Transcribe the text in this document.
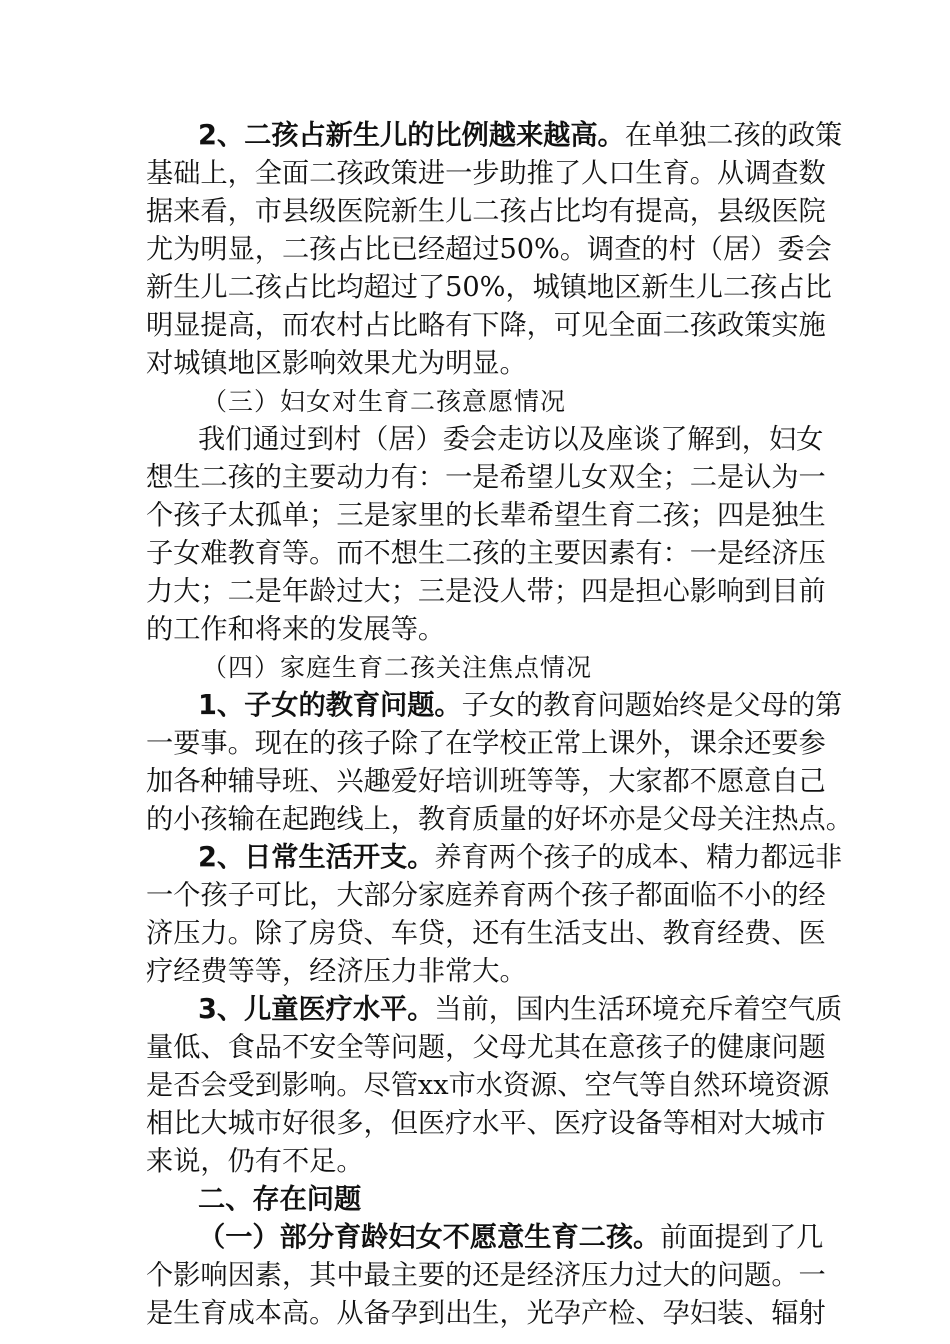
2、二孩占新生儿的比例越来越高。在单独二孩的政策
基础上，全面二孩政策进一步助推了人口生育。从调查数
据来看，市县级医院新生儿二孩占比均有提高，县级医院
尤为明显，二孩占比已经超过50%。调查的村（居）委会
新生儿二孩占比均超过了50%，城镇地区新生儿二孩占比
明显提高，而农村占比略有下降，可见全面二孩政策实施
对城镇地区影响效果尤为明显。
（三）妇女对生育二孩意愿情况
我们通过到村（居）委会走访以及座谈了解到，妇女
想生二孩的主要动力有：一是希望儿女双全；二是认为一
个孩子太孤单；三是家里的长辈希望生育二孩；四是独生
子女难教育等。而不想生二孩的主要因素有：一是经济压
力大；二是年龄过大；三是没人带；四是担心影响到目前
的工作和将来的发展等。
（四）家庭生育二孩关注焦点情况
1、子女的教育问题。子女的教育问题始终是父母的第
一要事。现在的孩子除了在学校正常上课外，课余还要参
加各种辅导班、兴趣爱好培训班等等，大家都不愿意自己
的小孩输在起跑线上，教育质量的好坏亦是父母关注热点。
2、日常生活开支。养育两个孩子的成本、精力都远非
一个孩子可比，大部分家庭养育两个孩子都面临不小的经
济压力。除了房贷、车贷，还有生活支出、教育经费、医
疗经费等等，经济压力非常大。
3、儿童医疗水平。当前，国内生活环境充斥着空气质
量低、食品不安全等问题，父母尤其在意孩子的健康问题
是否会受到影响。尽管xx市水资源、空气等自然环境资源
相比大城市好很多，但医疗水平、医疗设备等相对大城市
来说，仍有不足。
二、存在问题
（一）部分育龄妇女不愿意生育二孩。前面提到了几
个影响因素，其中最主要的还是经济压力过大的问题。一
是生育成本高。从备孕到出生，光孕产检、孕妇装、辐射
